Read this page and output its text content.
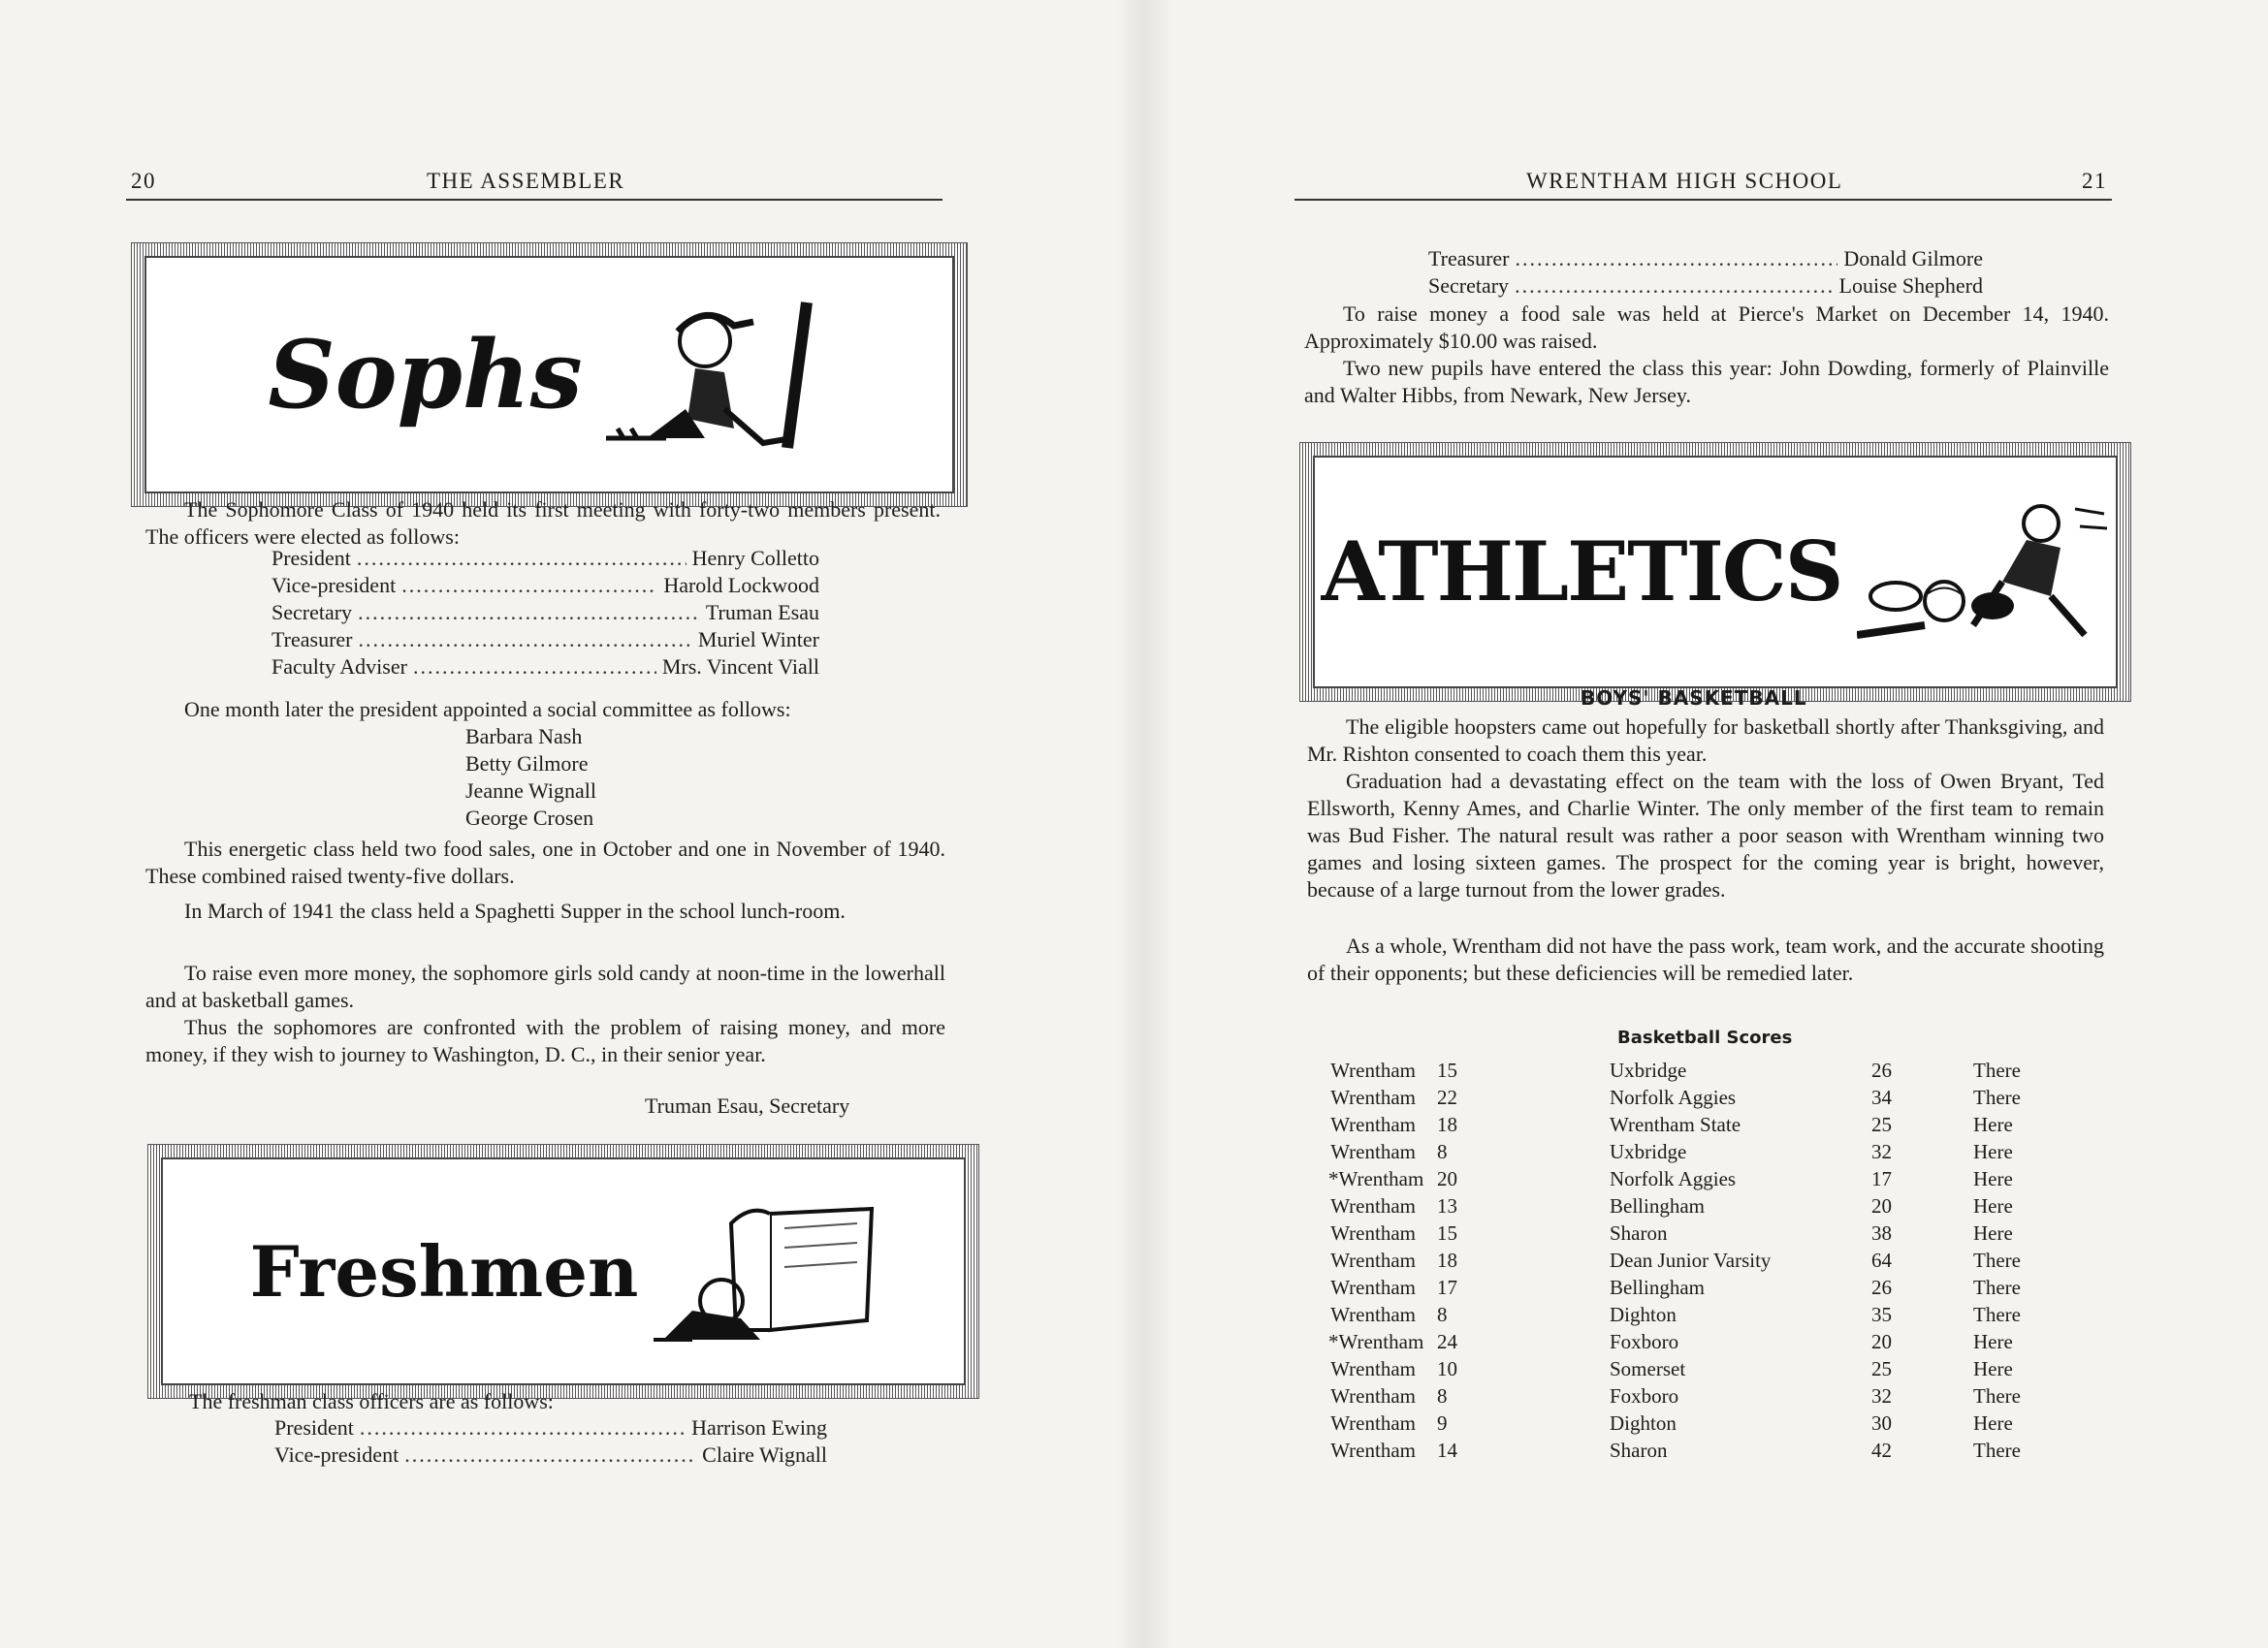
20	THE ASSEMBLER
Sophs
The Sophomore Class of 1940 held its first meeting with forty-two members present. The officers were elected as follows:
President .....	Henry Colletto
Vice-president .....	Harold Lockwood
Secretary .....	Truman Esau
Treasurer .....	Muriel Winter
Faculty Adviser .....	Mrs. Vincent Viall
One month later the president appointed a social committee as follows:
Barbara Nash
Betty Gilmore
Jeanne Wignall
George Crosen
This energetic class held two food sales, one in October and one in November of 1940. These combined raised twenty-five dollars.
In March of 1941 the class held a Spaghetti Supper in the school lunch-room.
To raise even more money, the sophomore girls sold candy at noon-time in the lowerhall and at basketball games.
Thus the sophomores are confronted with the problem of raising money, and more money, if they wish to journey to Washington, D. C., in their senior year.
Truman Esau, Secretary
Freshmen
The freshman class officers are as follows:
President .....	Harrison Ewing
Vice-president .....	Claire Wignall
WRENTHAM HIGH SCHOOL	21
Treasurer .....	Donald Gilmore
Secretary .....	Louise Shepherd
To raise money a food sale was held at Pierce's Market on December 14, 1940. Approximately $10.00 was raised.
Two new pupils have entered the class this year: John Dowding, formerly of Plainville and Walter Hibbs, from Newark, New Jersey.
ATHLETICS
BOYS' BASKETBALL
The eligible hoopsters came out hopefully for basketball shortly after Thanksgiving, and Mr. Rishton consented to coach them this year.
Graduation had a devastating effect on the team with the loss of Owen Bryant, Ted Ellsworth, Kenny Ames, and Charlie Winter. The only member of the first team to remain was Bud Fisher. The natural result was rather a poor season with Wrentham winning two games and losing sixteen games. The prospect for the coming year is bright, however, because of a large turnout from the lower grades.
As a whole, Wrentham did not have the pass work, team work, and the accurate shooting of their opponents; but these deficiencies will be remedied later.
Basketball Scores
Wrentham 15	Uxbridge	26	There
Wrentham 22	Norfolk Aggies	34	There
Wrentham 18	Wrentham State	25	Here
Wrentham 8	Uxbridge	32	Here
*Wrentham 20	Norfolk Aggies	17	Here
Wrentham 13	Bellingham	20	Here
Wrentham 15	Sharon	38	Here
Wrentham 18	Dean Junior Varsity	64	There
Wrentham 17	Bellingham	26	There
Wrentham 8	Dighton	35	There
*Wrentham 24	Foxboro	20	Here
Wrentham 10	Somerset	25	Here
Wrentham 8	Foxboro	32	There
Wrentham 9	Dighton	30	Here
Wrentham 14	Sharon	42	There
